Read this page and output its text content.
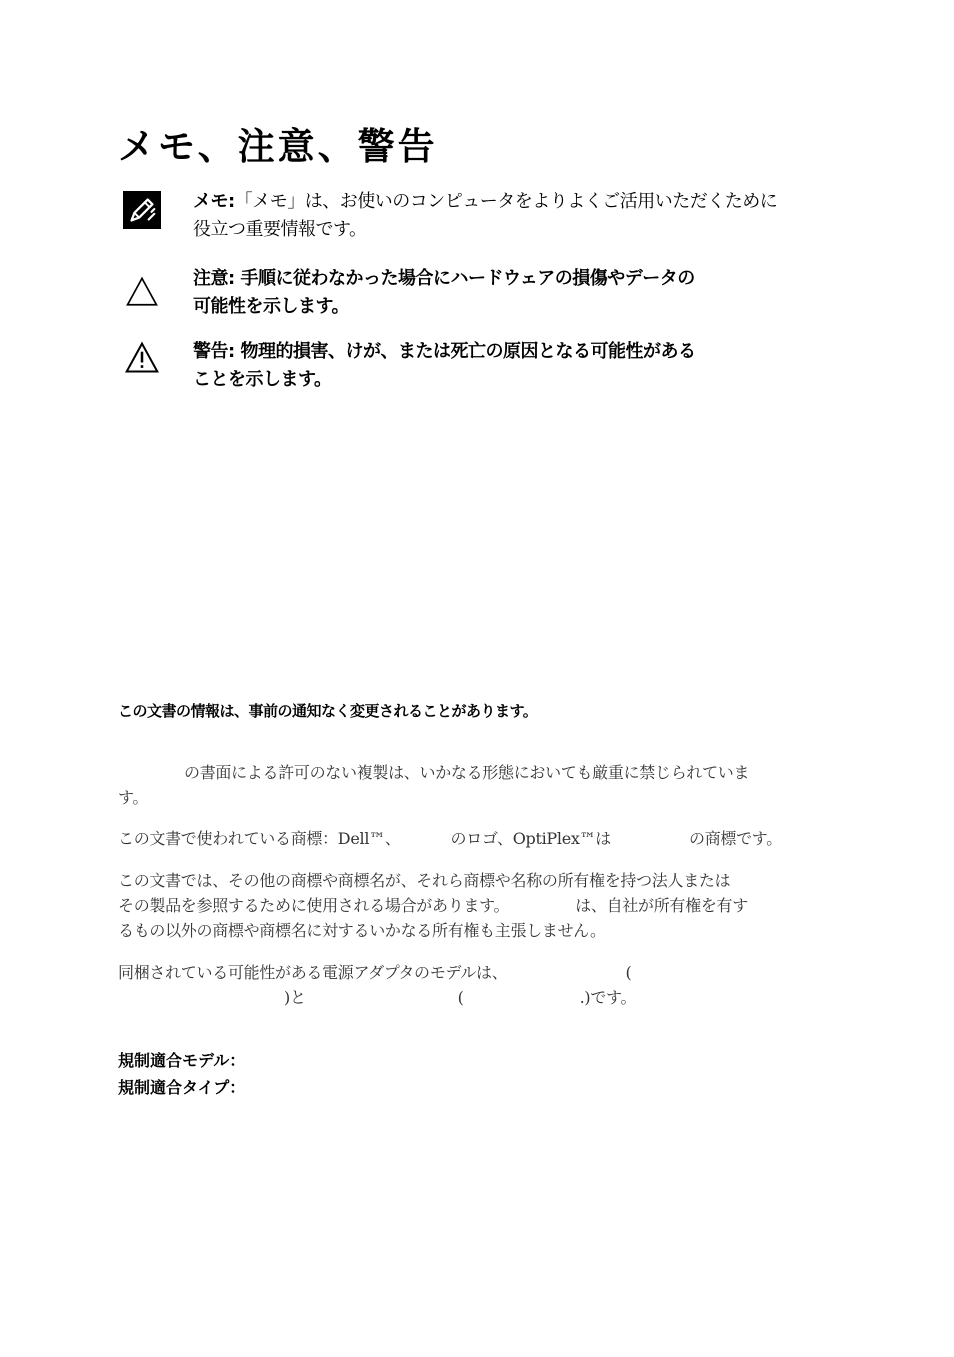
メモ、注意、警告
メモ:「メモ」は、お使いのコンピュータをよりよくご活用いただくために
役立つ重要情報です。
注意: 手順に従わなかった場合にハードウェアの損傷やデータの
可能性を示します。
警告: 物理的損害、けが、または死亡の原因となる可能性がある
ことを示します。
この文書の情報は、事前の通知なく変更されることがあります。
の書面による許可のない複製は、いかなる形態においても厳重に禁じられていま
す。
この文書で使われている商標：Dell™、	のロゴ、OptiPlex™は	の商標です。
この文書では、その他の商標や商標名が、それら商標や名称の所有権を持つ法人または
その製品を参照するために使用される場合があります。	は、自社が所有権を有す
るもの以外の商標や商標名に対するいかなる所有権も主張しません。
同梱されている可能性がある電源アダプタのモデルは、	(
)と	(	.)です。
規制適合モデル：
規制適合タイプ：
